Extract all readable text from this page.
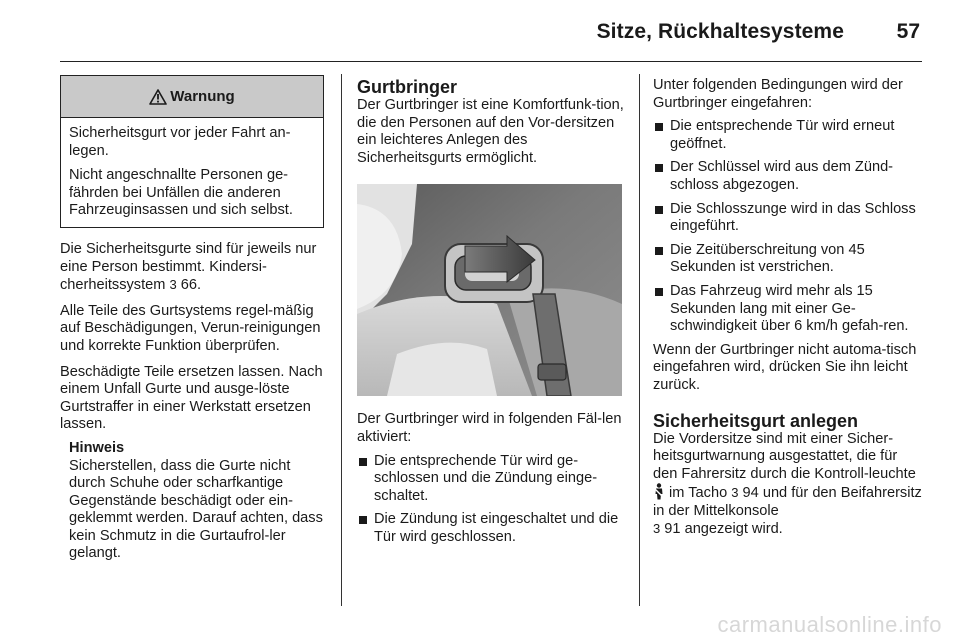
Sitze, Rückhaltesysteme	57
Warnung

Sicherheitsgurt vor jeder Fahrt an-legen.

Nicht angeschnallte Personen ge-fährden bei Unfällen die anderen Fahrzeuginsassen und sich selbst.

Die Sicherheitsgurte sind für jeweils nur eine Person bestimmt. Kindersi-cherheitssystem 3 66.

Alle Teile des Gurtsystems regel-mäßig auf Beschädigungen, Verun-reinigungen und korrekte Funktion überprüfen.

Beschädigte Teile ersetzen lassen. Nach einem Unfall Gurte und ausge-löste Gurtstraffer in einer Werkstatt ersetzen lassen.

Hinweis

Sicherstellen, dass die Gurte nicht durch Schuhe oder scharfkantige Gegenstände beschädigt oder ein-geklemmt werden. Darauf achten, dass kein Schmutz in die Gurtaufrol-ler gelangt.

Gurtbringer

Der Gurtbringer ist eine Komfortfunk-tion, die den Personen auf den Vor-dersitzen ein leichteres Anlegen des Sicherheitsgurts ermöglicht.

Der Gurtbringer wird in folgenden Fäl-len aktiviert:

Die entsprechende Tür wird ge-schlossen und die Zündung einge-schaltet.
Die Zündung ist eingeschaltet und die Tür wird geschlossen.

Unter folgenden Bedingungen wird der Gurtbringer eingefahren:

Die entsprechende Tür wird erneut geöffnet.
Der Schlüssel wird aus dem Zünd-schloss abgezogen.
Die Schlosszunge wird in das Schloss eingeführt.
Die Zeitüberschreitung von 45 Sekunden ist verstrichen.
Das Fahrzeug wird mehr als 15 Sekunden lang mit einer Ge-schwindigkeit über 6 km/h gefah-ren.

Wenn der Gurtbringer nicht automa-tisch eingefahren wird, drücken Sie ihn leicht zurück.

Sicherheitsgurt anlegen

Die Vordersitze sind mit einer Sicher-heitsgurtwarnung ausgestattet, die für den Fahrersitz durch die Kontroll-leuchte  im Tacho 3 94 und für den Beifahrersitz in der Mittelkonsole
3 91 angezeigt wird.

carmanualsonline.info
